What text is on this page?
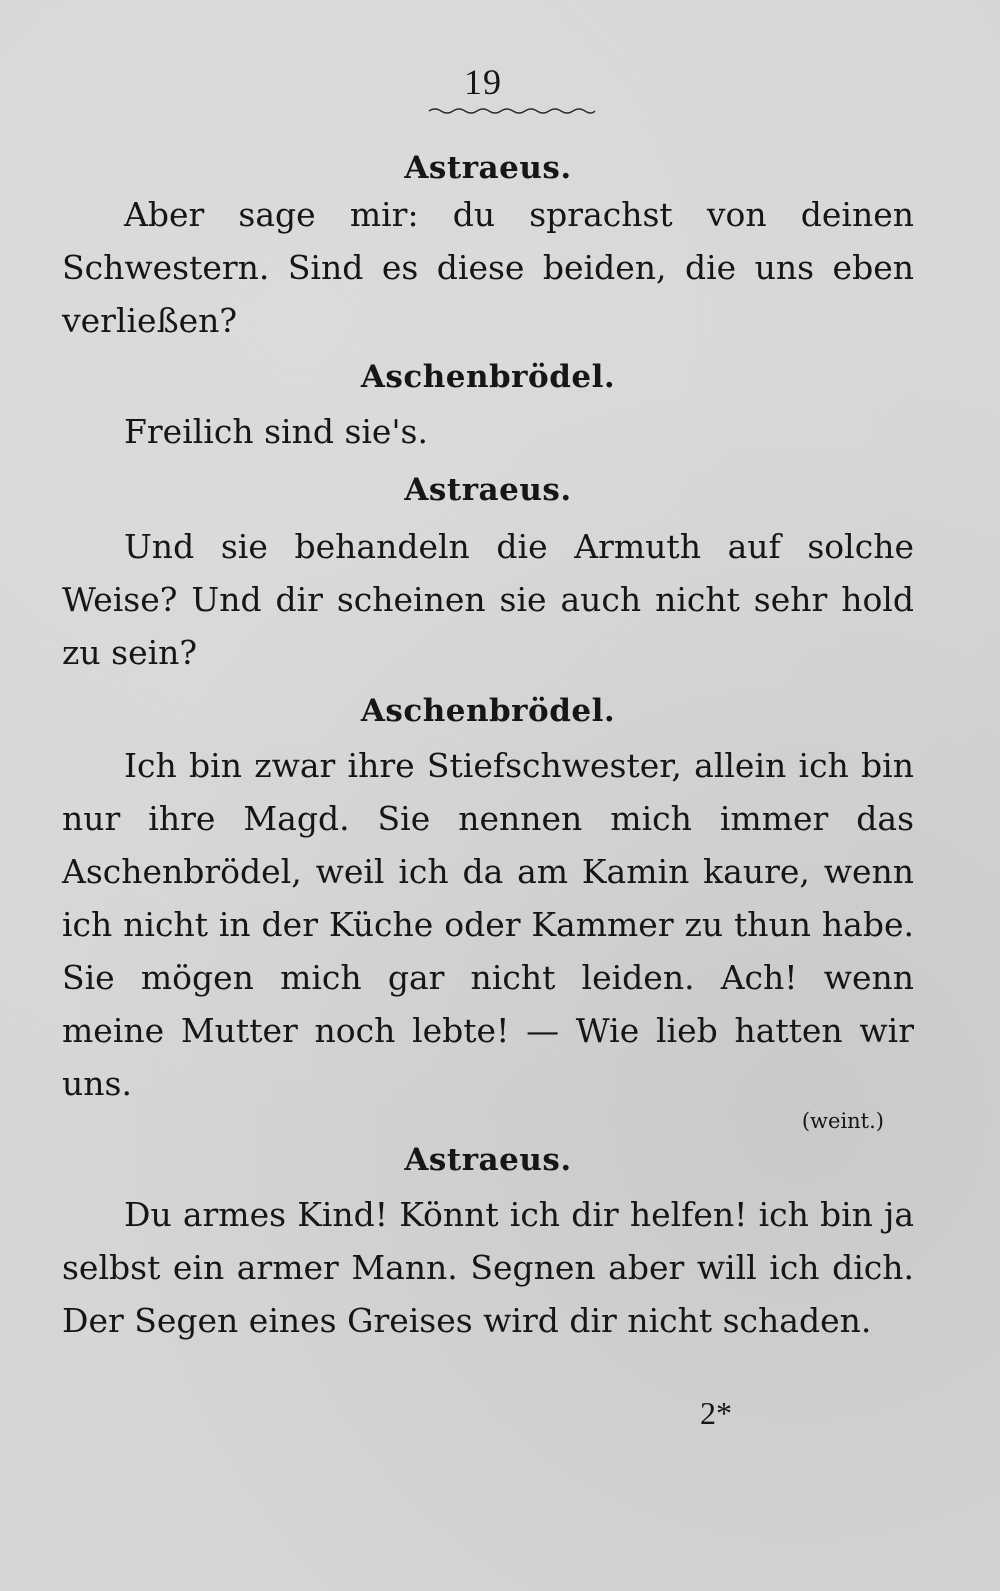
19
Astraeus.

Aber sage mir: du sprachst von deinen Schwestern. Sind es diese beiden, die uns eben verließen?

Aschenbrödel.

Freilich sind sie's.

Astraeus.

Und sie behandeln die Armuth auf solche Weise? Und dir scheinen sie auch nicht sehr hold zu sein?

Aschenbrödel.

Ich bin zwar ihre Stiefschwester, allein ich bin nur ihre Magd. Sie nennen mich immer das Aschenbrödel, weil ich da am Kamin kaure, wenn ich nicht in der Küche oder Kammer zu thun habe. Sie mögen mich gar nicht leiden. Ach! wenn meine Mutter noch lebte! — Wie lieb hatten wir uns.

(weint.)
Astraeus.

Du armes Kind! Könnt ich dir helfen! ich bin ja selbst ein armer Mann. Segnen aber will ich dich. Der Segen eines Greises wird dir nicht schaden.

2*
